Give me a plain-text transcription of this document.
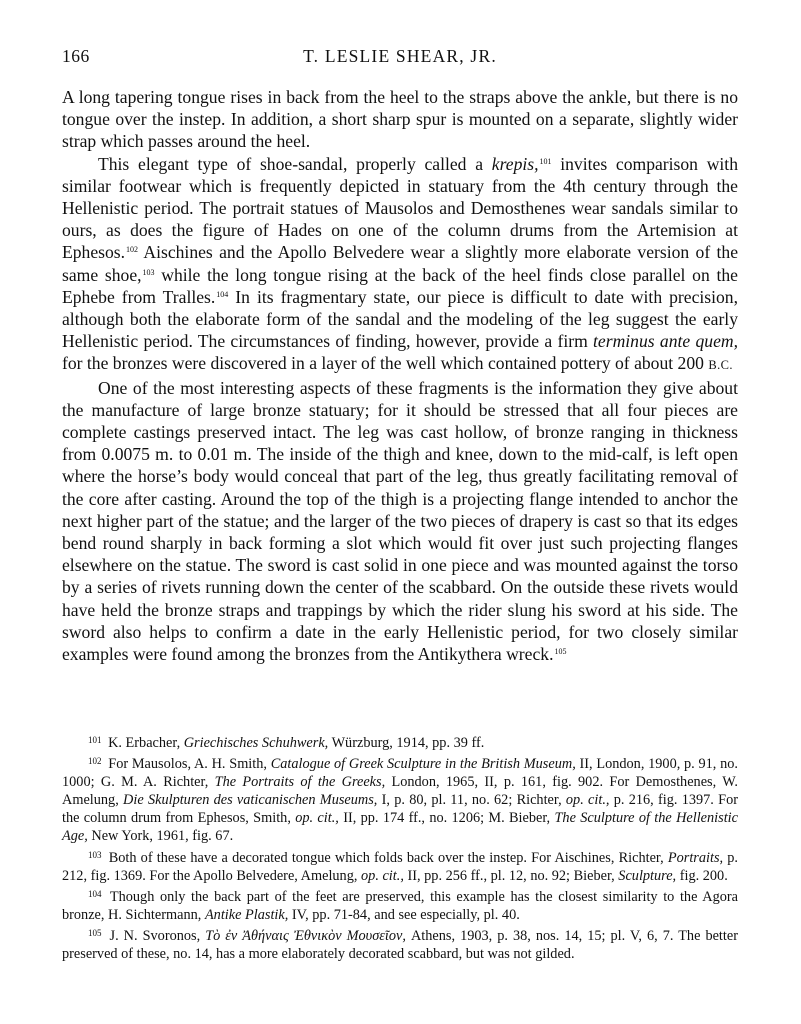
166	T. LESLIE SHEAR, JR.

A long tapering tongue rises in back from the heel to the straps above the ankle, but there is no tongue over the instep. In addition, a short sharp spur is mounted on a separate, slightly wider strap which passes around the heel.

This elegant type of shoe-sandal, properly called a krepis,$^{101}$ invites comparison with similar footwear which is frequently depicted in statuary from the 4th century through the Hellenistic period. The portrait statues of Mausolos and Demosthenes wear sandals similar to ours, as does the figure of Hades on one of the column drums from the Artemision at Ephesos.$^{102}$ Aischines and the Apollo Belvedere wear a slightly more elaborate version of the same shoe,$^{103}$ while the long tongue rising at the back of the heel finds close parallel on the Ephebe from Tralles.$^{104}$ In its fragmentary state, our piece is difficult to date with precision, although both the elaborate form of the sandal and the modeling of the leg suggest the early Hellenistic period. The circumstances of finding, however, provide a firm terminus ante quem, for the bronzes were discovered in a layer of the well which contained pottery of about 200 B.C.

One of the most interesting aspects of these fragments is the information they give about the manufacture of large bronze statuary; for it should be stressed that all four pieces are complete castings preserved intact. The leg was cast hollow, of bronze ranging in thickness from 0.0075 m. to 0.01 m. The inside of the thigh and knee, down to the mid-calf, is left open where the horse’s body would conceal that part of the leg, thus greatly facilitating removal of the core after casting. Around the top of the thigh is a projecting flange intended to anchor the next higher part of the statue; and the larger of the two pieces of drapery is cast so that its edges bend round sharply in back forming a slot which would fit over just such projecting flanges elsewhere on the statue. The sword is cast solid in one piece and was mounted against the torso by a series of rivets running down the center of the scabbard. On the outside these rivets would have held the bronze straps and trappings by which the rider slung his sword at his side. The sword also helps to confirm a date in the early Hellenistic period, for two closely similar examples were found among the bronzes from the Antikythera wreck.$^{105}$

$^{101}$ K. Erbacher, Griechisches Schuhwerk, Würzburg, 1914, pp. 39 ff.

$^{102}$ For Mausolos, A. H. Smith, Catalogue of Greek Sculpture in the British Museum, II, London, 1900, p. 91, no. 1000; G. M. A. Richter, The Portraits of the Greeks, London, 1965, II, p. 161, fig. 902. For Demosthenes, W. Amelung, Die Skulpturen des vaticanischen Museums, I, p. 80, pl. 11, no. 62; Richter, op. cit., p. 216, fig. 1397. For the column drum from Ephesos, Smith, op. cit., II, pp. 174 ff., no. 1206; M. Bieber, The Sculpture of the Hellenistic Age, New York, 1961, fig. 67.

$^{103}$ Both of these have a decorated tongue which folds back over the instep. For Aischines, Richter, Portraits, p. 212, fig. 1369. For the Apollo Belvedere, Amelung, op. cit., II, pp. 256 ff., pl. 12, no. 92; Bieber, Sculpture, fig. 200.

$^{104}$ Though only the back part of the feet are preserved, this example has the closest similarity to the Agora bronze, H. Sichtermann, Antike Plastik, IV, pp. 71-84, and see especially, pl. 40.

$^{105}$ J. N. Svoronos, Τὸ ἐν Ἀθήναις Ἐθνικὸν Μουσεῖον, Athens, 1903, p. 38, nos. 14, 15; pl. V, 6, 7. The better preserved of these, no. 14, has a more elaborately decorated scabbard, but was not gilded.
